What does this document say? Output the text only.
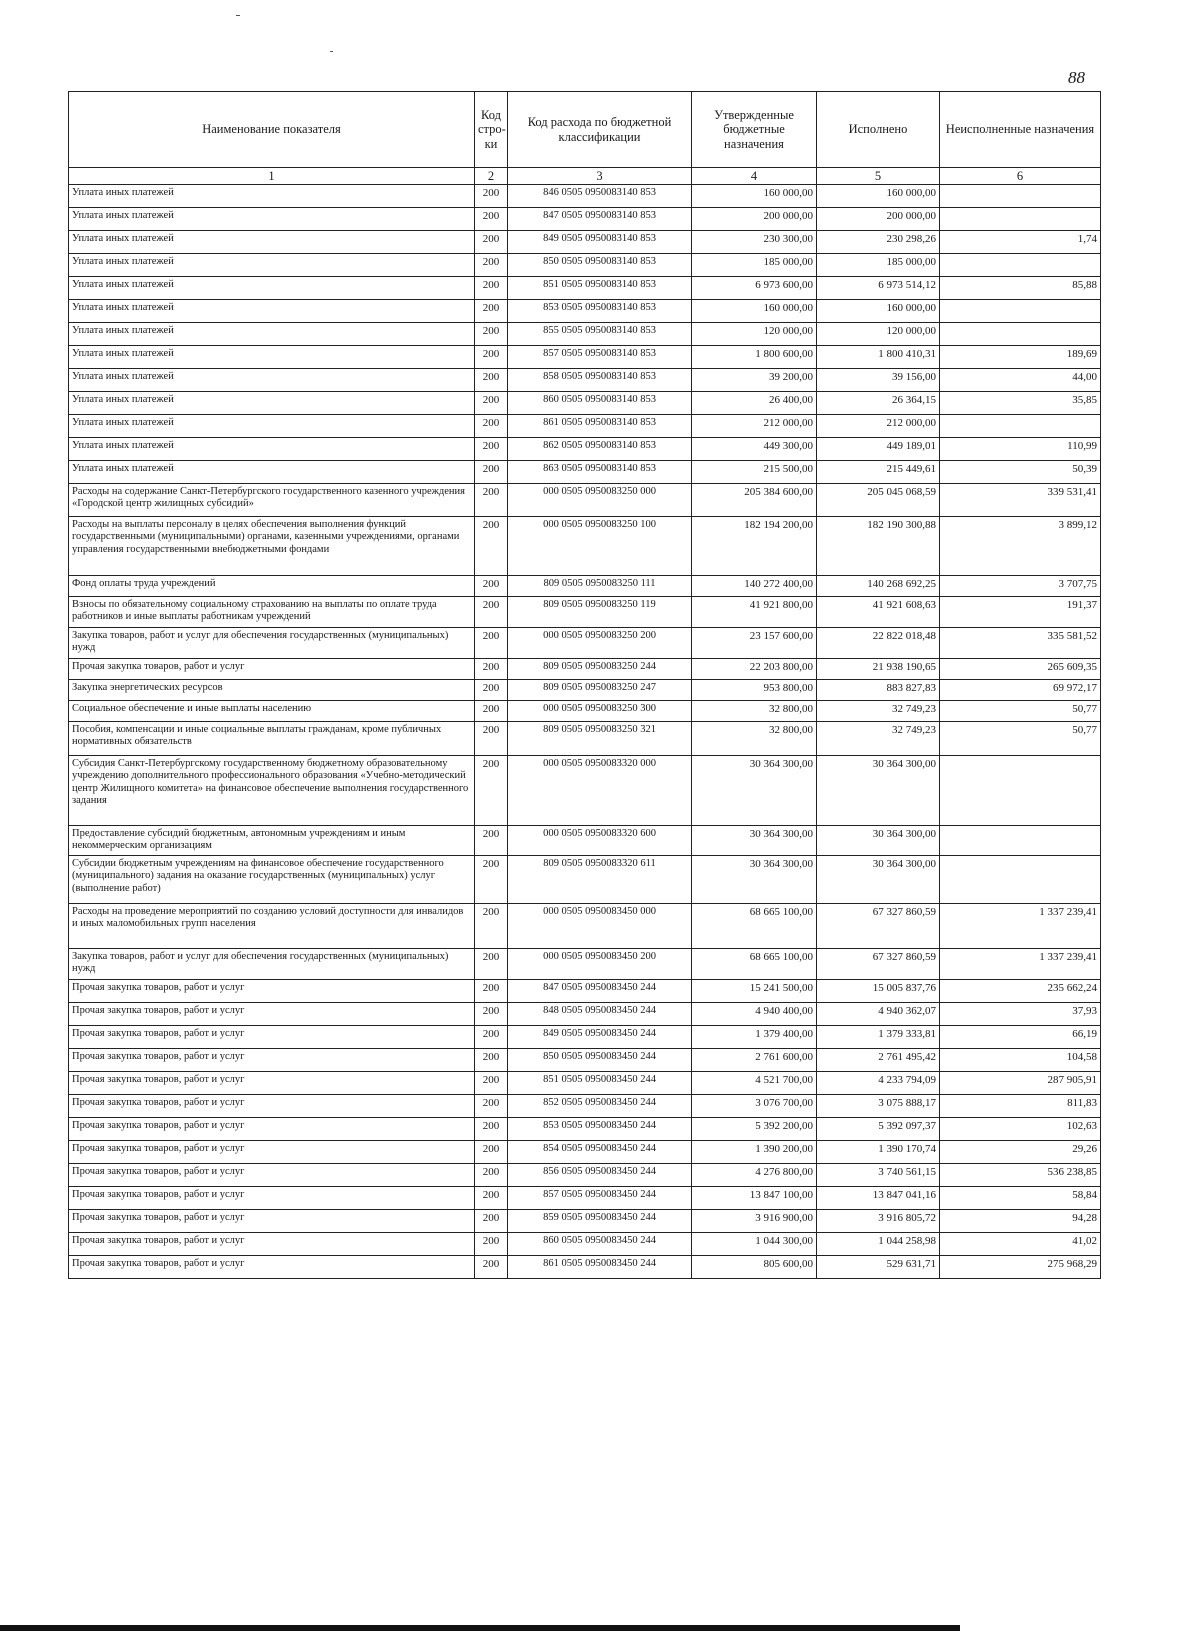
88
Наименование показателя	Код стро-ки	Код расхода по бюджетной классификации	Утвержденные бюджетные назначения	Исполнено	Неисполненные назначения
1	2	3	4	5	6
Уплата иных платежей	200	846 0505 0950083140 853	160 000,00	160 000,00	
Уплата иных платежей	200	847 0505 0950083140 853	200 000,00	200 000,00	
Уплата иных платежей	200	849 0505 0950083140 853	230 300,00	230 298,26	1,74
Уплата иных платежей	200	850 0505 0950083140 853	185 000,00	185 000,00	
Уплата иных платежей	200	851 0505 0950083140 853	6 973 600,00	6 973 514,12	85,88
Уплата иных платежей	200	853 0505 0950083140 853	160 000,00	160 000,00	
Уплата иных платежей	200	855 0505 0950083140 853	120 000,00	120 000,00	
Уплата иных платежей	200	857 0505 0950083140 853	1 800 600,00	1 800 410,31	189,69
Уплата иных платежей	200	858 0505 0950083140 853	39 200,00	39 156,00	44,00
Уплата иных платежей	200	860 0505 0950083140 853	26 400,00	26 364,15	35,85
Уплата иных платежей	200	861 0505 0950083140 853	212 000,00	212 000,00	
Уплата иных платежей	200	862 0505 0950083140 853	449 300,00	449 189,01	110,99
Уплата иных платежей	200	863 0505 0950083140 853	215 500,00	215 449,61	50,39
Расходы на содержание Санкт-Петербургского государственного казенного учреждения «Городской центр жилищных субсидий»	200	000 0505 0950083250 000	205 384 600,00	205 045 068,59	339 531,41
Расходы на выплаты персоналу в целях обеспечения выполнения функций государственными (муниципальными) органами, казенными учреждениями, органами управления государственными внебюджетными фондами	200	000 0505 0950083250 100	182 194 200,00	182 190 300,88	3 899,12
Фонд оплаты труда учреждений	200	809 0505 0950083250 111	140 272 400,00	140 268 692,25	3 707,75
Взносы по обязательному социальному страхованию на выплаты по оплате труда работников и иные выплаты работникам учреждений	200	809 0505 0950083250 119	41 921 800,00	41 921 608,63	191,37
Закупка товаров, работ и услуг для обеспечения государственных (муниципальных) нужд	200	000 0505 0950083250 200	23 157 600,00	22 822 018,48	335 581,52
Прочая закупка товаров, работ и услуг	200	809 0505 0950083250 244	22 203 800,00	21 938 190,65	265 609,35
Закупка энергетических ресурсов	200	809 0505 0950083250 247	953 800,00	883 827,83	69 972,17
Социальное обеспечение и иные выплаты населению	200	000 0505 0950083250 300	32 800,00	32 749,23	50,77
Пособия, компенсации и иные социальные выплаты гражданам, кроме публичных нормативных обязательств	200	809 0505 0950083250 321	32 800,00	32 749,23	50,77
Субсидия Санкт-Петербургскому государственному бюджетному образовательному учреждению дополнительного профессионального образования «Учебно-методический центр Жилищного комитета» на финансовое обеспечение выполнения государственного задания	200	000 0505 0950083320 000	30 364 300,00	30 364 300,00	
Предоставление субсидий бюджетным, автономным учреждениям и иным некоммерческим организациям	200	000 0505 0950083320 600	30 364 300,00	30 364 300,00	
Субсидии бюджетным учреждениям на финансовое обеспечение государственного (муниципального) задания на оказание государственных (муниципальных) услуг (выполнение работ)	200	809 0505 0950083320 611	30 364 300,00	30 364 300,00	
Расходы на проведение мероприятий по созданию условий доступности для инвалидов и иных маломобильных групп населения	200	000 0505 0950083450 000	68 665 100,00	67 327 860,59	1 337 239,41
Закупка товаров, работ и услуг для обеспечения государственных (муниципальных) нужд	200	000 0505 0950083450 200	68 665 100,00	67 327 860,59	1 337 239,41
Прочая закупка товаров, работ и услуг	200	847 0505 0950083450 244	15 241 500,00	15 005 837,76	235 662,24
Прочая закупка товаров, работ и услуг	200	848 0505 0950083450 244	4 940 400,00	4 940 362,07	37,93
Прочая закупка товаров, работ и услуг	200	849 0505 0950083450 244	1 379 400,00	1 379 333,81	66,19
Прочая закупка товаров, работ и услуг	200	850 0505 0950083450 244	2 761 600,00	2 761 495,42	104,58
Прочая закупка товаров, работ и услуг	200	851 0505 0950083450 244	4 521 700,00	4 233 794,09	287 905,91
Прочая закупка товаров, работ и услуг	200	852 0505 0950083450 244	3 076 700,00	3 075 888,17	811,83
Прочая закупка товаров, работ и услуг	200	853 0505 0950083450 244	5 392 200,00	5 392 097,37	102,63
Прочая закупка товаров, работ и услуг	200	854 0505 0950083450 244	1 390 200,00	1 390 170,74	29,26
Прочая закупка товаров, работ и услуг	200	856 0505 0950083450 244	4 276 800,00	3 740 561,15	536 238,85
Прочая закупка товаров, работ и услуг	200	857 0505 0950083450 244	13 847 100,00	13 847 041,16	58,84
Прочая закупка товаров, работ и услуг	200	859 0505 0950083450 244	3 916 900,00	3 916 805,72	94,28
Прочая закупка товаров, работ и услуг	200	860 0505 0950083450 244	1 044 300,00	1 044 258,98	41,02
Прочая закупка товаров, работ и услуг	200	861 0505 0950083450 244	805 600,00	529 631,71	275 968,29
